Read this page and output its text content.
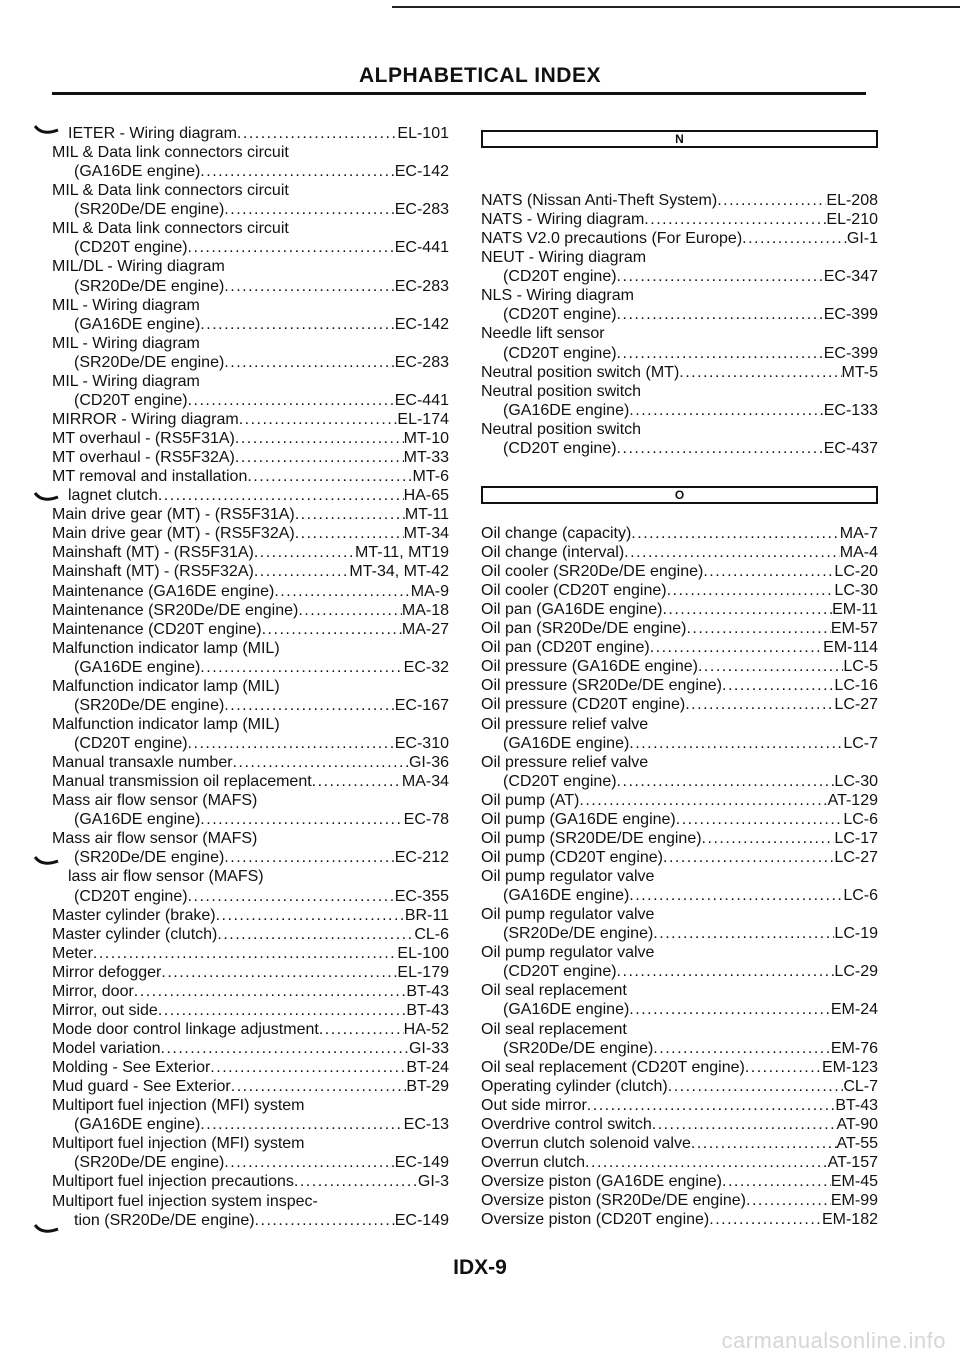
ALPHABETICAL INDEX
 IETER - Wiring diagram .....	EL-101
MIL & Data link connectors circuit
(GA16DE engine) .....	EC-142
MIL & Data link connectors circuit
(SR20De/DE engine) .....	EC-283
MIL & Data link connectors circuit
(CD20T engine) .....	EC-441
MIL/DL - Wiring diagram
(SR20De/DE engine) .....	EC-283
MIL - Wiring diagram
(GA16DE engine) .....	EC-142
MIL - Wiring diagram
(SR20De/DE engine) .....	EC-283
MIL - Wiring diagram
(CD20T engine) .....	EC-441
MIRROR - Wiring diagram .....	EL-174
MT overhaul - (RS5F31A) .....	MT-10
MT overhaul - (RS5F32A) .....	MT-33
MT removal and installation .....	MT-6
 lagnet clutch .....	HA-65
Main drive gear (MT) - (RS5F31A) .....	MT-11
Main drive gear (MT) - (RS5F32A) .....	MT-34
Mainshaft (MT) - (RS5F31A) .....	MT-11, MT19
Mainshaft (MT) - (RS5F32A) .....	MT-34, MT-42
Maintenance (GA16DE engine) .....	MA-9
Maintenance (SR20De/DE engine) .....	MA-18
Maintenance (CD20T engine) .....	MA-27
Malfunction indicator lamp (MIL)
(GA16DE engine) .....	EC-32
Malfunction indicator lamp (MIL)
(SR20De/DE engine) .....	EC-167
Malfunction indicator lamp (MIL)
(CD20T engine) .....	EC-310
Manual transaxle number .....	GI-36
Manual transmission oil replacement .....	MA-34
Mass air flow sensor (MAFS)
(GA16DE engine) .....	EC-78
Mass air flow sensor (MAFS)
(SR20De/DE engine) .....	EC-212
 lass air flow sensor (MAFS)
(CD20T engine) .....	EC-355
Master cylinder (brake) .....	BR-11
Master cylinder (clutch) .....	CL-6
Meter .....	EL-100
Mirror defogger .....	EL-179
Mirror, door .....	BT-43
Mirror, out side .....	BT-43
Mode door control linkage adjustment .....	HA-52
Model variation .....	GI-33
Molding - See Exterior .....	BT-24
Mud guard - See Exterior .....	BT-29
Multiport fuel injection (MFI) system
(GA16DE engine) .....	EC-13
Multiport fuel injection (MFI) system
(SR20De/DE engine) .....	EC-149
Multiport fuel injection precautions .....	GI-3
Multiport fuel injection system inspec-
tion (SR20De/DE engine) .....	EC-149
N
NATS (Nissan Anti-Theft System) .....	EL-208
NATS - Wiring diagram .....	EL-210
NATS V2.0 precautions (For Europe) .....	GI-1
NEUT - Wiring diagram
(CD20T engine) .....	EC-347
NLS - Wiring diagram
(CD20T engine) .....	EC-399
Needle lift sensor
(CD20T engine) .....	EC-399
Neutral position switch (MT) .....	MT-5
Neutral position switch
(GA16DE engine) .....	EC-133
Neutral position switch
(CD20T engine) .....	EC-437
O
Oil change (capacity) .....	MA-7
Oil change (interval) .....	MA-4
Oil cooler (SR20De/DE engine) .....	LC-20
Oil cooler (CD20T engine) .....	LC-30
Oil pan (GA16DE engine) .....	EM-11
Oil pan (SR20De/DE engine) .....	EM-57
Oil pan (CD20T engine) .....	EM-114
Oil pressure (GA16DE engine) .....	LC-5
Oil pressure (SR20De/DE engine) .....	LC-16
Oil pressure (CD20T engine) .....	LC-27
Oil pressure relief valve
(GA16DE engine) .....	LC-7
Oil pressure relief valve
(CD20T engine) .....	LC-30
Oil pump (AT) .....	AT-129
Oil pump (GA16DE engine) .....	LC-6
Oil pump (SR20DE/DE engine) .....	LC-17
Oil pump (CD20T engine) .....	LC-27
Oil pump regulator valve
(GA16DE engine) .....	LC-6
Oil pump regulator valve
(SR20De/DE engine) .....	LC-19
Oil pump regulator valve
(CD20T engine) .....	LC-29
Oil seal replacement
(GA16DE engine) .....	EM-24
Oil seal replacement
(SR20De/DE engine) .....	EM-76
Oil seal replacement (CD20T engine) .....	EM-123
Operating cylinder (clutch) .....	CL-7
Out side mirror .....	BT-43
Overdrive control switch .....	AT-90
Overrun clutch solenoid valve .....	AT-55
Overrun clutch .....	AT-157
Oversize piston (GA16DE engine) .....	EM-45
Oversize piston (SR20De/DE engine) .....	EM-99
Oversize piston (CD20T engine) .....	EM-182
IDX-9
carmanualsonline.info
